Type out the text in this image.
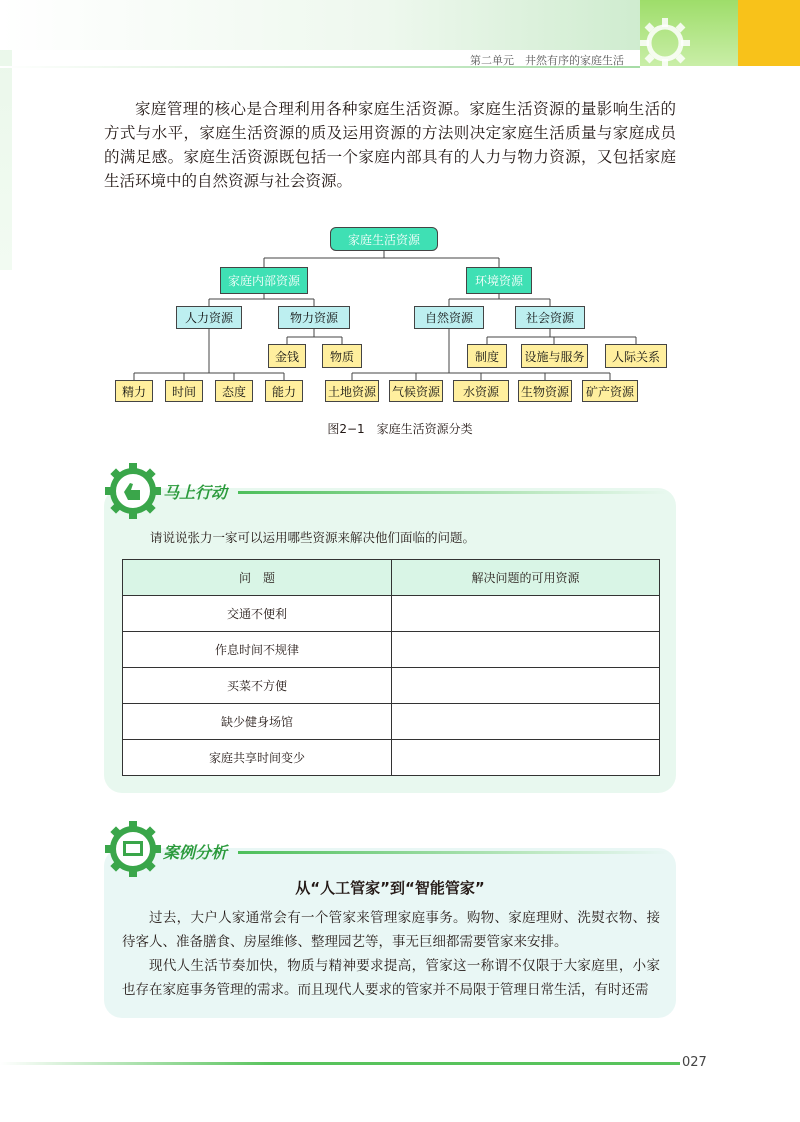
第二单元　井然有序的家庭生活
家庭管理的核心是合理利用各种家庭生活资源。家庭生活资源的量影响生活的方式与水平，家庭生活资源的质及运用资源的方法则决定家庭生活质量与家庭成员的满足感。家庭生活资源既包括一个家庭内部具有的人力与物力资源，又包括家庭生活环境中的自然资源与社会资源。
家庭生活资源
家庭内部资源	环境资源
人力资源	物力资源	自然资源	社会资源
金钱	物质	制度	设施与服务	人际关系
精力	时间	态度	能力	土地资源 气候资源	水资源	生物资源	矿产资源
图2−1　家庭生活资源分类
马上行动
请说说张力一家可以运用哪些资源来解决他们面临的问题。
问　题	解决问题的可用资源
交通不便利	
作息时间不规律	
买菜不方便	
缺少健身场馆	
家庭共享时间变少	
案例分析
从“人工管家”到“智能管家”

过去，大户人家通常会有一个管家来管理家庭事务。购物、家庭理财、洗熨衣物、接待客人、准备膳食、房屋维修、整理园艺等，事无巨细都需要管家来安排。

现代人生活节奏加快，物质与精神要求提高，管家这一称谓不仅限于大家庭里，小家也存在家庭事务管理的需求。而且现代人要求的管家并不局限于管理日常生活，有时还需

027
